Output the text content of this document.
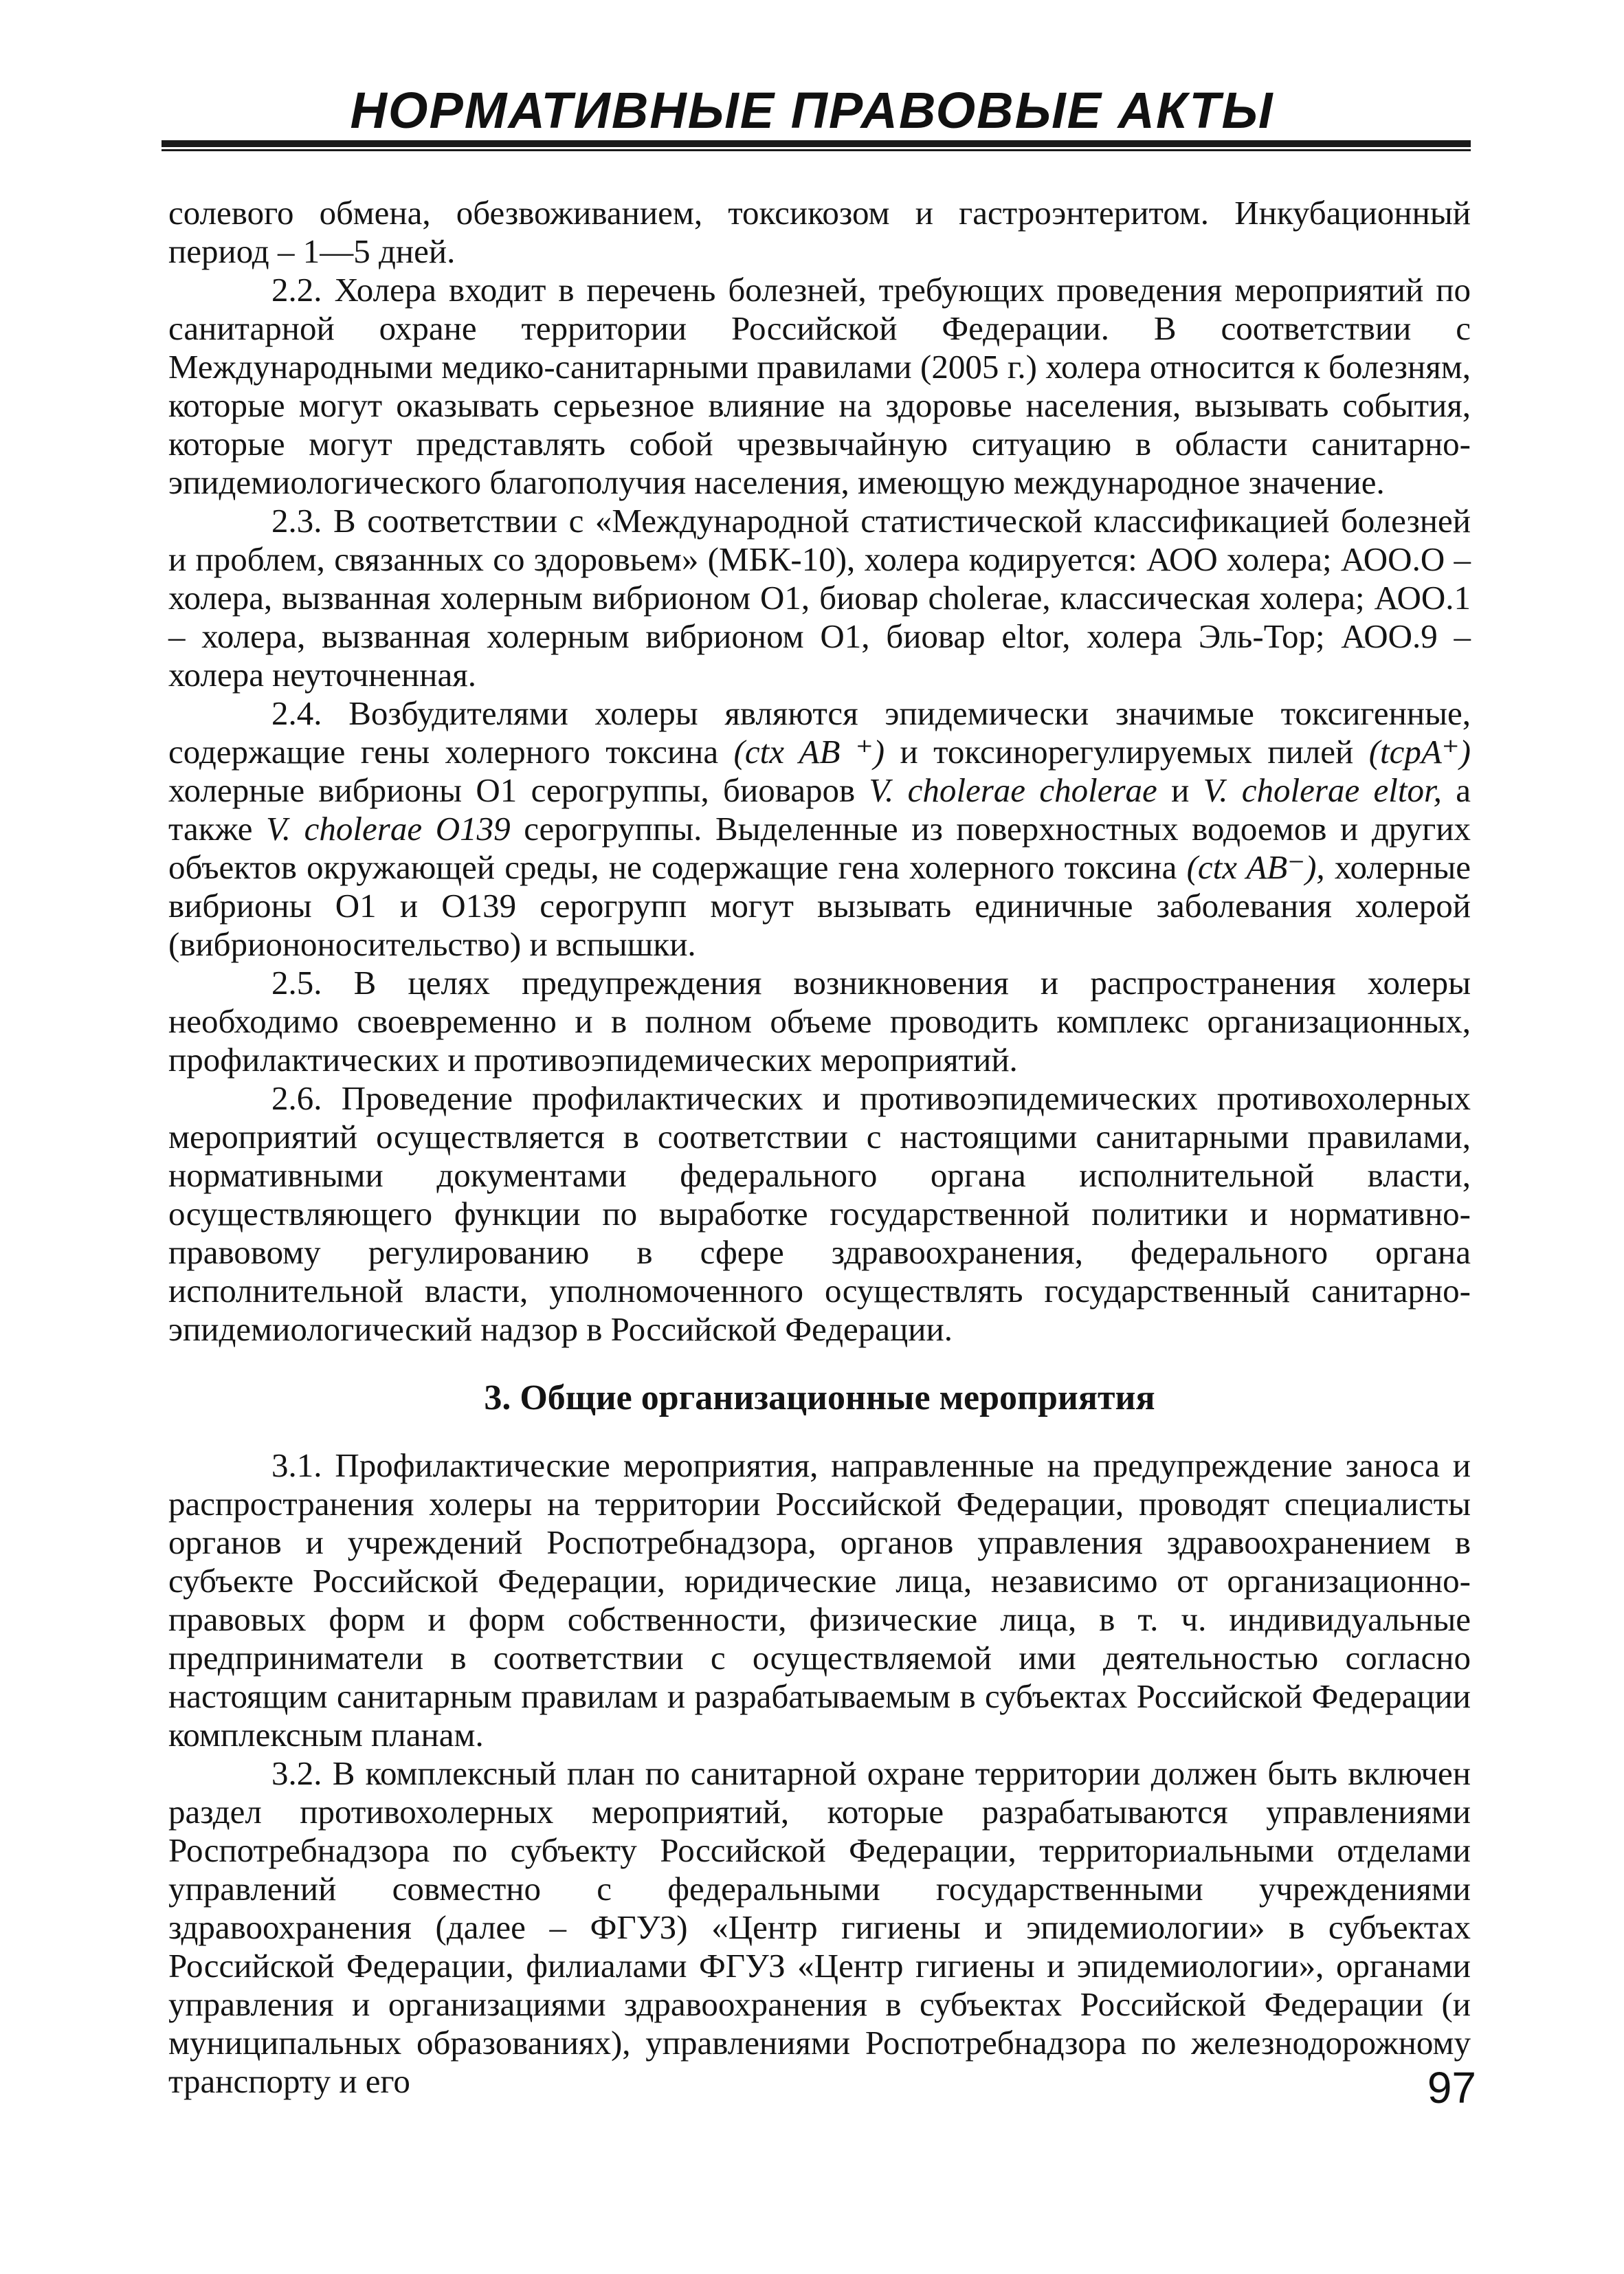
НОРМАТИВНЫЕ ПРАВОВЫЕ АКТЫ

солевого обмена, обезвоживанием, токсикозом и гастроэнтеритом. Инкубационный период – 1—5 дней.

2.2. Холера входит в перечень болезней, требующих проведения мероприятий по санитарной охране территории Российской Федерации. В соответствии с Международными медико-санитарными правилами (2005 г.) холера относится к болезням, которые могут оказывать серьезное влияние на здоровье населения, вызывать события, которые могут представлять собой чрезвычайную ситуацию в области санитарно-эпидемиологического благополучия населения, имеющую международное значение.

2.3. В соответствии с «Международной статистической классификацией болезней и проблем, связанных со здоровьем» (МБК-10), холера кодируется: АОО холера; АОО.О – холера, вызванная холерным вибрионом О1, биовар cholerae, классическая холера; АОО.1 – холера, вызванная холерным вибрионом О1, биовар eltor, холера Эль-Тор; АОО.9 – холера неуточненная.

2.4. Возбудителями холеры являются эпидемически значимые токсигенные, содержащие гены холерного токсина (ctx AB ⁺) и токсинорегулируемых пилей (tcpA⁺) холерные вибрионы О1 серогруппы, биоваров V. cholerae cholerae и V. cholerae eltor, а также V. cholerae O139 серогруппы. Выделенные из поверхностных водоемов и других объектов окружающей среды, не содержащие гена холерного токсина (ctx AB⁻), холерные вибрионы О1 и О139 серогрупп могут вызывать единичные заболевания холерой (вибриононосительство) и вспышки.

2.5. В целях предупреждения возникновения и распространения холеры необходимо своевременно и в полном объеме проводить комплекс организационных, профилактических и противоэпидемических мероприятий.

2.6. Проведение профилактических и противоэпидемических противохолерных мероприятий осуществляется в соответствии с настоящими санитарными правилами, нормативными документами федерального органа исполнительной власти, осуществляющего функции по выработке государственной политики и нормативно-правовому регулированию в сфере здравоохранения, федерального органа исполнительной власти, уполномоченного осуществлять государственный санитарно-эпидемиологический надзор в Российской Федерации.

3. Общие организационные мероприятия

3.1. Профилактические мероприятия, направленные на предупреждение заноса и распространения холеры на территории Российской Федерации, проводят специалисты органов и учреждений Роспотребнадзора, органов управления здравоохранением в субъекте Российской Федерации, юридические лица, независимо от организационно-правовых форм и форм собственности, физические лица, в т. ч. индивидуальные предприниматели в соответствии с осуществляемой ими деятельностью согласно настоящим санитарным правилам и разрабатываемым в субъектах Российской Федерации комплексным планам.

3.2. В комплексный план по санитарной охране территории должен быть включен раздел противохолерных мероприятий, которые разрабатываются управлениями Роспотребнадзора по субъекту Российской Федерации, территориальными отделами управлений совместно с федеральными государственными учреждениями здравоохранения (далее – ФГУЗ) «Центр гигиены и эпидемиологии» в субъектах Российской Федерации, филиалами ФГУЗ «Центр гигиены и эпидемиологии», органами управления и организациями здравоохранения в субъектах Российской Федерации (и муниципальных образованиях), управлениями Роспотребнадзора по железнодорожному транспорту и его	97
